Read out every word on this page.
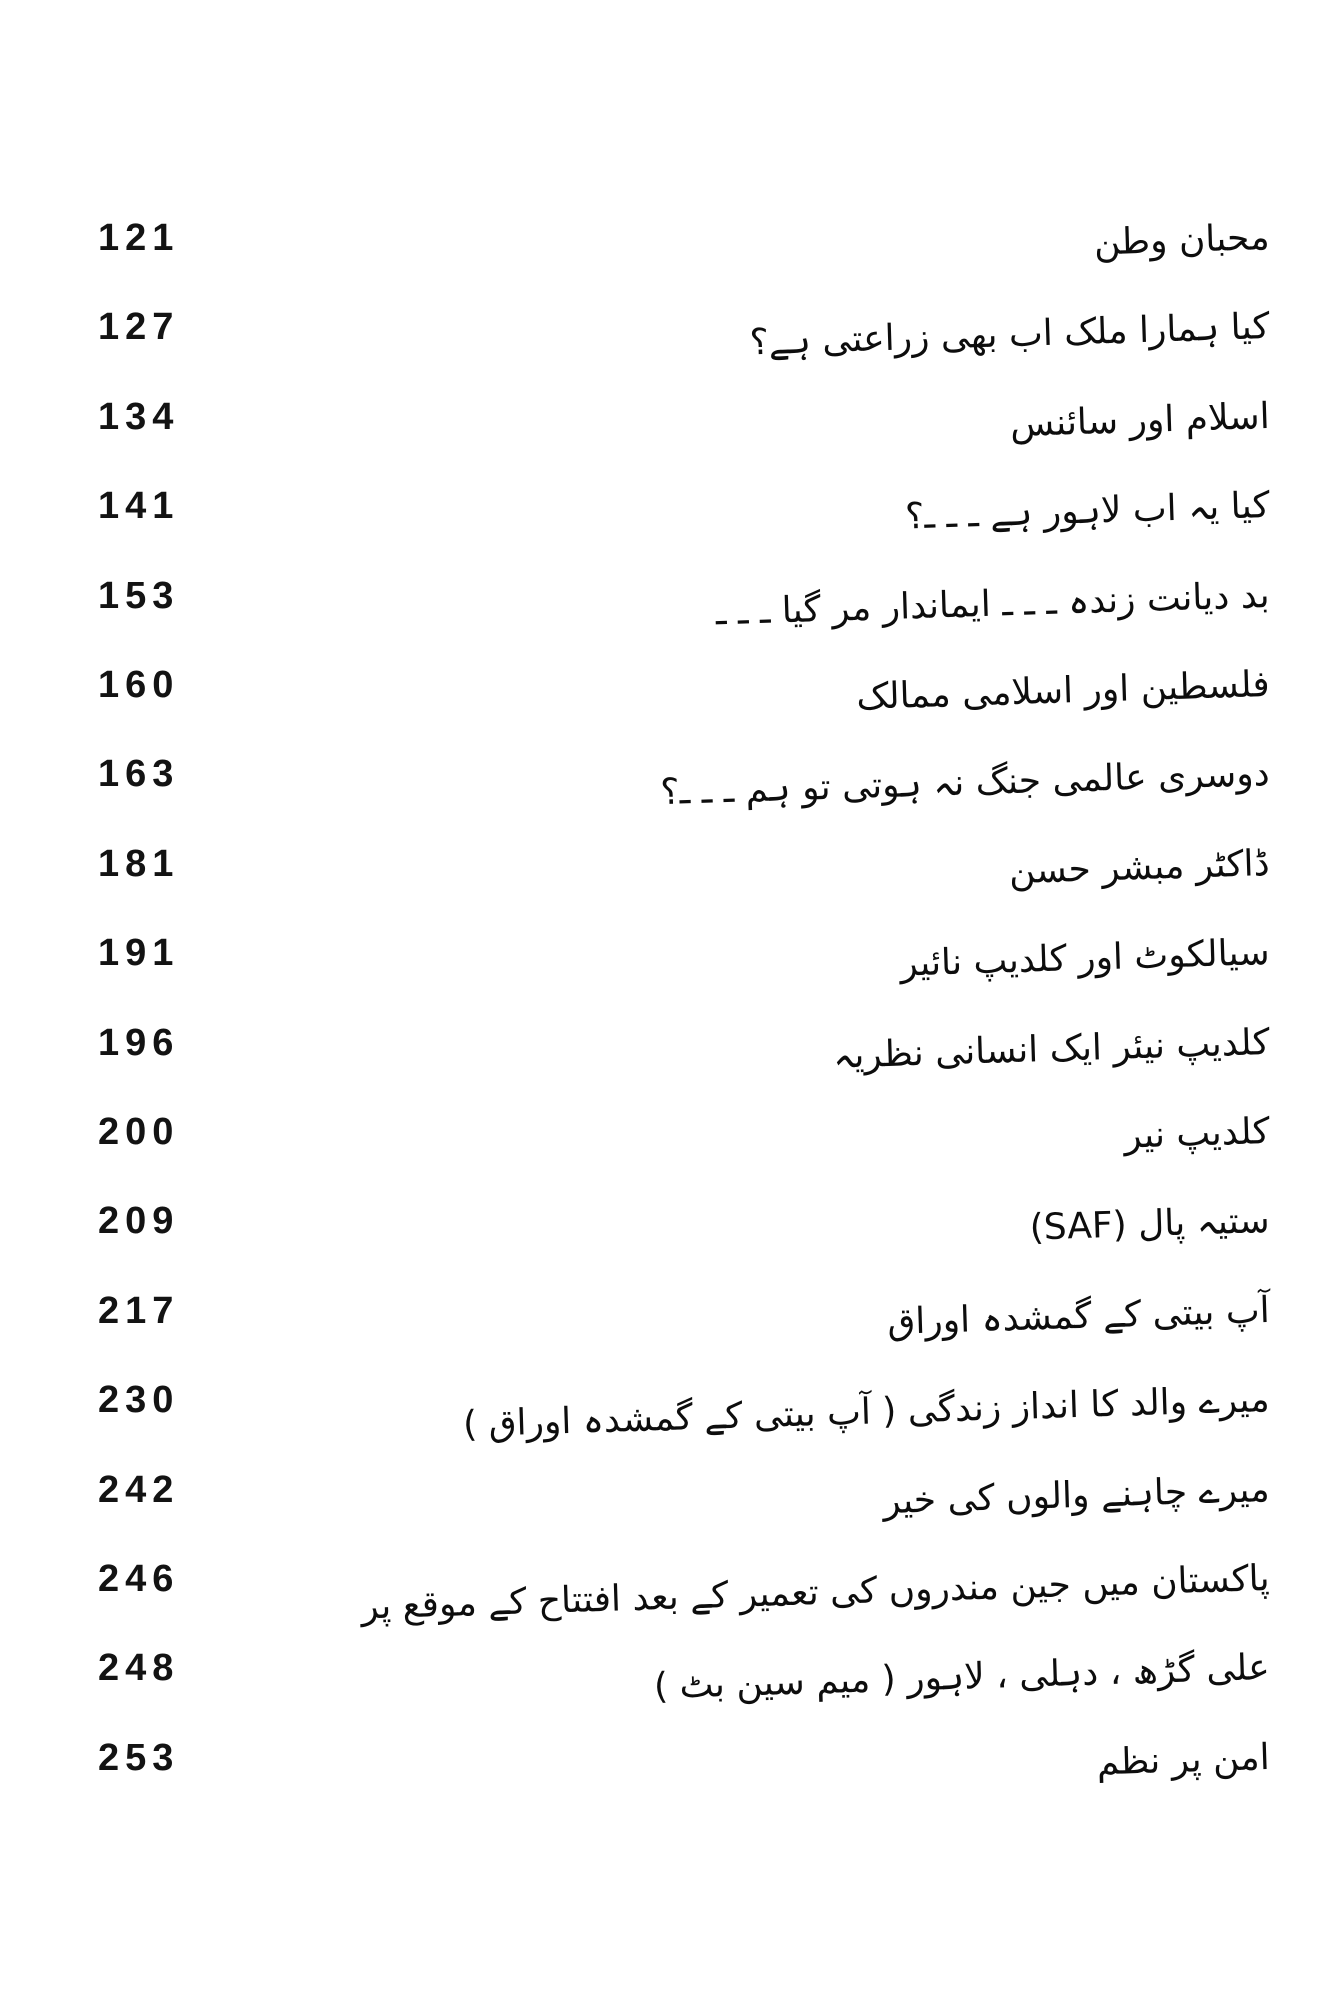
121	محبان وطن
127	کیا ہمارا ملک اب بھی زراعتی ہے؟
134	اسلام اور سائنس
141	کیا یہ اب لاہور ہے ـ ـ ـ؟
153	بد دیانت زندہ ـ ـ ـ ایماندار مر گیا ـ ـ ـ
160	فلسطین اور اسلامی ممالک
163	دوسری عالمی جنگ نہ ہوتی تو ہم ـ ـ ـ؟
181	ڈاکٹر مبشر حسن
191	سیالکوٹ اور کلدیپ نائیر
196	کلدیپ نیئر ایک انسانی نظریہ
200	کلدیپ نیر
209	ستیہ پال (SAF)
217	آپ بیتی کے گمشدہ اوراق
230	میرے والد کا انداز زندگی ( آپ بیتی کے گمشدہ اوراق )
242	میرے چاہنے والوں کی خیر
246	پاکستان میں جین مندروں کی تعمیر کے بعد افتتاح کے موقع پر
248	علی گڑھ ، دہلی ، لاہور ( میم سین بٹ )
253	امن پر نظم
